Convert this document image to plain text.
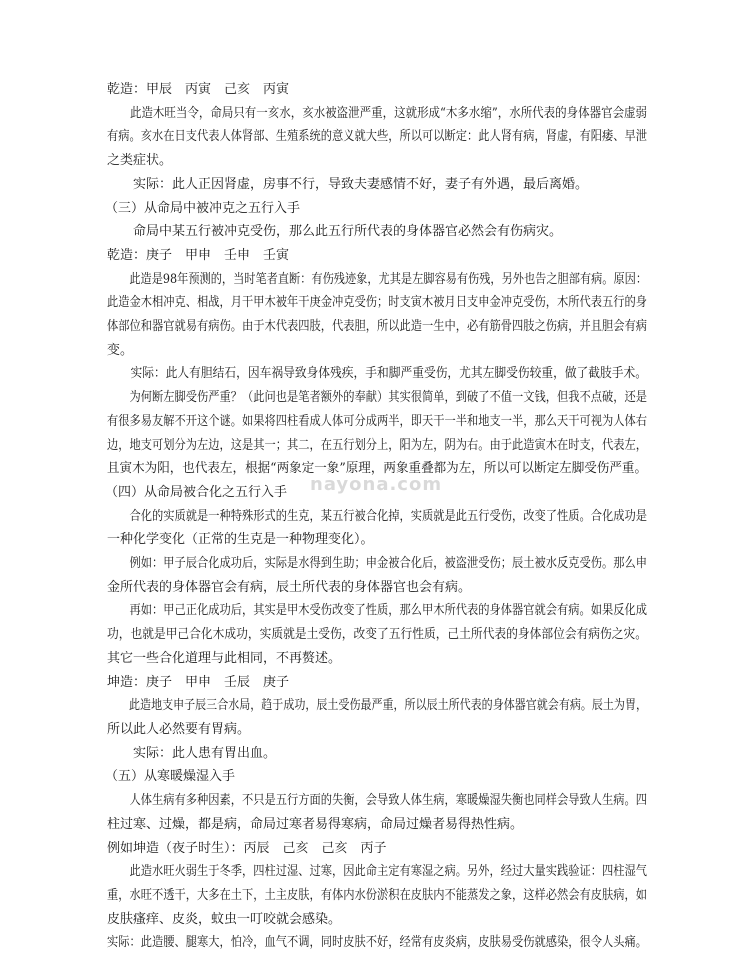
乾造：甲辰　丙寅　己亥　丙寅
此造木旺当令，命局只有一亥水，亥水被盗泄严重，这就形成“木多水缩”，水所代表的身体器官会虚弱
有病。亥水在日支代表人体肾部、生殖系统的意义就大些，所以可以断定：此人肾有病，肾虚，有阳痿、早泄
之类症状。
实际：此人正因肾虚，房事不行，导致夫妻感情不好，妻子有外遇，最后离婚。
（三）从命局中被冲克之五行入手
命局中某五行被冲克受伤，那么此五行所代表的身体器官必然会有伤病灾。
乾造：庚子　甲申　壬申　壬寅
此造是98年预测的，当时笔者直断：有伤残迹象，尤其是左脚容易有伤残，另外也告之胆部有病。原因：
此造金木相冲克、相战，月干甲木被年干庚金冲克受伤；时支寅木被月日支申金冲克受伤，木所代表五行的身
体部位和器官就易有病伤。由于木代表四肢，代表胆，所以此造一生中，必有筋骨四肢之伤病，并且胆会有病
变。
实际：此人有胆结石，因车祸导致身体残疾，手和脚严重受伤，尤其左脚受伤较重，做了截肢手术。
为何断左脚受伤严重？（此问也是笔者额外的奉献）其实很简单，到破了不值一文钱，但我不点破，还是
有很多易友解不开这个谜。如果将四柱看成人体可分成两半，即天干一半和地支一半，那么天干可视为人体右
边，地支可划分为左边，这是其一；其二，在五行划分上，阳为左，阴为右。由于此造寅木在时支，代表左，
且寅木为阳，也代表左，根据“两象定一象”原理，两象重叠都为左，所以可以断定左脚受伤严重。
（四）从命局被合化之五行入手
合化的实质就是一种特殊形式的生克，某五行被合化掉，实质就是此五行受伤，改变了性质。合化成功是
一种化学变化（正常的生克是一种物理变化）。
例如：甲子辰合化成功后，实际是水得到生助；申金被合化后，被盗泄受伤；辰土被水反克受伤。那么申
金所代表的身体器官会有病，辰土所代表的身体器官也会有病。
再如：甲己正化成功后，其实是甲木受伤改变了性质，那么甲木所代表的身体器官就会有病。如果反化成
功，也就是甲己合化木成功，实质就是土受伤，改变了五行性质，己土所代表的身体部位会有病伤之灾。
其它一些合化道理与此相同，不再赘述。
坤造：庚子　甲申　壬辰　庚子
此造地支申子辰三合水局，趋于成功，辰土受伤最严重，所以辰土所代表的身体器官就会有病。辰土为胃，
所以此人必然要有胃病。
实际：此人患有胃出血。
（五）从寒暖燥湿入手
人体生病有多种因素，不只是五行方面的失衡，会导致人体生病，寒暖燥湿失衡也同样会导致人生病。四
柱过寒、过燥，都是病，命局过寒者易得寒病，命局过燥者易得热性病。
例如坤造（夜子时生）：丙辰　己亥　己亥　丙子
此造水旺火弱生于冬季，四柱过湿、过寒，因此命主定有寒湿之病。另外，经过大量实践验证：四柱湿气
重，水旺不透干，大多在土下，土主皮肤，有体内水份淤积在皮肤内不能蒸发之象，这样必然会有皮肤病，如
皮肤瘙痒、皮炎，蚊虫一叮咬就会感染。
实际：此造腰、腿寒大，怕冷，血气不调，同时皮肤不好，经常有皮炎病，皮肤易受伤就感染，很令人头痛。
nayona.com
